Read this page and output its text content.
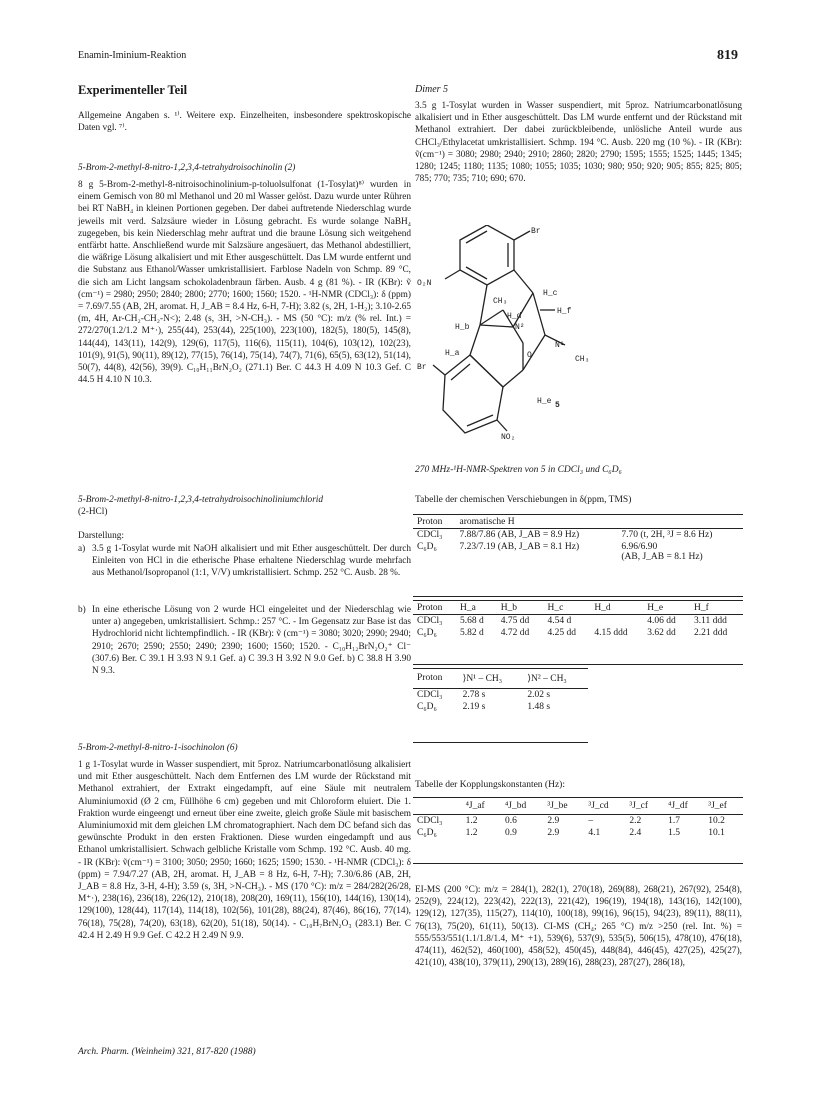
Enamin-Iminium-Reaktion	819
Experimenteller Teil
Allgemeine Angaben s. ¹⁾. Weitere exp. Einzelheiten, insbesondere spektroskopische Daten vgl. ⁷⁾.
5-Brom-2-methyl-8-nitro-1,2,3,4-tetrahydroisochinolin (2)
8 g 5-Brom-2-methyl-8-nitroisochinolinium-p-toluolsulfonat (1-Tosylat)⁸⁾ wurden in einem Gemisch von 80 ml Methanol und 20 ml Wasser gelöst. Dazu wurde unter Rühren bei RT NaBH₄ in kleinen Portionen gegeben. Der dabei auftretende Niederschlag wurde jeweils mit verd. Salzsäure wieder in Lösung gebracht. Es wurde solange NaBH₄ zugegeben, bis kein Niederschlag mehr auftrat und die braune Lösung sich weitgehend entfärbt hatte. Anschließend wurde mit Salzsäure angesäuert, das Methanol abdestilliert, die wäßrige Lösung alkalisiert und mit Ether ausgeschüttelt. Das LM wurde entfernt und die Substanz aus Ethanol/Wasser umkristallisiert. Farblose Nadeln von Schmp. 89 °C, die sich am Licht langsam schokoladenbraun färben. Ausb. 4 g (81 %). - IR (KBr): ṽ (cm⁻¹) = 2980; 2950; 2840; 2800; 2770; 1600; 1560; 1520. - ¹H-NMR (CDCl₃): δ (ppm) = 7.69/7.55 (AB, 2H, aromat. H, J_AB = 8.4 Hz, 6-H, 7-H); 3.82 (s, 2H, 1-H₂); 3.10-2.65 (m, 4H, Ar-CH₂-CH₂-N<); 2.48 (s, 3H, >N-CH₃). - MS (50 °C): m/z (% rel. Int.) = 272/270(1.2/1.2 M⁺·), 255(44), 253(44), 225(100), 223(100), 182(5), 180(5), 145(8), 144(44), 143(11), 142(9), 129(6), 117(5), 116(6), 115(11), 104(6), 103(12), 102(23), 101(9), 91(5), 90(11), 89(12), 77(15), 76(14), 75(14), 74(7), 71(6), 65(5), 63(12), 51(14), 50(7), 44(8), 42(56), 39(9). C₁₀H₁₁BrN₂O₂ (271.1) Ber. C 44.3 H 4.09 N 10.3 Gef. C 44.5 H 4.10 N 10.3.
5-Brom-2-methyl-8-nitro-1,2,3,4-tetrahydroisochinoliniumchlorid
(2-HCl)
Darstellung:
a) 3.5 g 1-Tosylat wurde mit NaOH alkalisiert und mit Ether ausgeschüttelt. Der durch Einleiten von HCl in die etherische Phase erhaltene Niederschlag wurde mehrfach aus Methanol/Isopropanol (1:1, V/V) umkristallisiert. Schmp. 252 °C. Ausb. 28 %.
b) In eine etherische Lösung von 2 wurde HCl eingeleitet und der Niederschlag wie unter a) angegeben, umkristallisiert. Schmp.: 257 °C. - Im Gegensatz zur Base ist das Hydrochlorid nicht lichtempfindlich. - IR (KBr): ṽ (cm⁻¹) = 3080; 3020; 2990; 2940; 2910; 2670; 2590; 2550; 2490; 2390; 1600; 1560; 1520. - C₁₀H₁₂BrN₂O₂⁺ Cl⁻ (307.6) Ber. C 39.1 H 3.93 N 9.1 Gef. a) C 39.3 H 3.92 N 9.0 Gef. b) C 38.8 H 3.90 N 9.3.
5-Brom-2-methyl-8-nitro-1-isochinolon (6)
1 g 1-Tosylat wurde in Wasser suspendiert, mit 5proz. Natriumcarbonatlösung alkalisiert und mit Ether ausgeschüttelt. Nach dem Entfernen des LM wurde der Rückstand mit Methanol extrahiert, der Extrakt eingedampft, auf eine Säule mit neutralem Aluminiumoxid (Ø 2 cm, Füllhöhe 6 cm) gegeben und mit Chloroform eluiert. Die 1. Fraktion wurde eingeengt und erneut über eine zweite, gleich große Säule mit basischem Aluminiumoxid mit dem gleichen LM chromatographiert. Nach dem DC befand sich das gewünschte Produkt in den ersten Fraktionen. Diese wurden eingedampft und aus Ethanol umkristallisiert. Schwach gelbliche Kristalle vom Schmp. 192 °C. Ausb. 40 mg. - IR (KBr): ṽ(cm⁻¹) = 3100; 3050; 2950; 1660; 1625; 1590; 1530. - ¹H-NMR (CDCl₃): δ (ppm) = 7.94/7.27 (AB, 2H, aromat. H, J_AB = 8 Hz, 6-H, 7-H); 7.30/6.86 (AB, 2H, J_AB = 8.8 Hz, 3-H, 4-H); 3.59 (s, 3H, >N-CH₃). - MS (170 °C): m/z = 284/282(26/28, M⁺·), 238(16), 236(18), 226(12), 210(18), 208(20), 169(11), 156(10), 144(16), 130(14), 129(100), 128(44), 117(14), 114(18), 102(56), 101(28), 88(24), 87(46), 86(16), 77(14), 76(18), 75(28), 74(20), 63(18), 62(20), 51(18), 50(14). - C₁₀H₇BrN₂O₃ (283.1) Ber. C 42.4 H 2.49 H 9.9 Gef. C 42.2 H 2.49 N 9.9.
Dimer 5
3.5 g 1-Tosylat wurden in Wasser suspendiert, mit 5proz. Natriumcarbonatlösung alkalisiert und in Ether ausgeschüttelt. Das LM wurde entfernt und der Rückstand mit Methanol extrahiert. Der dabei zurückbleibende, unlösliche Anteil wurde aus CHCl₃/Ethylacetat umkristallisiert. Schmp. 194 °C. Ausb. 220 mg (10 %). - IR (KBr): ṽ(cm⁻¹) = 3080; 2980; 2940; 2910; 2860; 2820; 2790; 1595; 1555; 1525; 1445; 1345; 1280; 1245; 1180; 1135; 1080; 1055; 1035; 1030; 980; 950; 920; 905; 855; 825; 805; 785; 770; 735; 710; 690; 670.
Br
O₂N
CH₃
H_d
N²
H_c
H_f
H_b
H_a	O
N¹
CH₃
Br
H_e 5
NO₂
270 MHz-¹H-NMR-Spektren von 5 in CDCl₃ und C₆D₆
Tabelle der chemischen Verschiebungen in δ(ppm, TMS)
Proton	aromatische H	

CDCl₃	7.88/7.86 (AB, J_AB = 8.9 Hz)	7.70 (t, 2H, ³J = 8.6 Hz)
C₆D₆	7.23/7.19 (AB, J_AB = 8.1 Hz)	6.96/6.90
(AB, J_AB = 8.1 Hz)
Proton	H_a	H_b	H_c	H_d	H_e	H_f

CDCl₃	5.68 d	4.75 dd	4.54 d		4.06 dd	3.11 ddd
C₆D₆	5.82 d	4.72 dd	4.25 dd	4.15 ddd	3.62 dd	2.21 ddd
Proton	⟩N¹ – CH₃	⟩N² – CH₃

CDCl₃	2.78 s	2.02 s
C₆D₆	2.19 s	1.48 s
Tabelle der Kopplungskonstanten (Hz):
	⁴J_af	⁴J_bd	³J_be	³J_cd	³J_cf	⁴J_df	³J_ef

CDCl₃	1.2	0.6	2.9	–	2.2	1.7	10.2
C₆D₆	1.2	0.9	2.9	4.1	2.4	1.5	10.1
EI-MS (200 °C): m/z = 284(1), 282(1), 270(18), 269(88), 268(21), 267(92), 254(8), 252(9), 224(12), 223(42), 222(13), 221(42), 196(19), 194(18), 143(16), 142(100), 129(12), 127(35), 115(27), 114(10), 100(18), 99(16), 96(15), 94(23), 89(11), 88(11), 76(13), 75(20), 61(11), 50(13). CI-MS (CH₄; 265 °C) m/z >250 (rel. Int. %) = 555/553/551(1.1/1.8/1.4, M⁺ +1), 539(6), 537(9), 535(5), 506(15), 478(10), 476(18), 474(11), 462(52), 460(100), 458(52), 450(45), 448(84), 446(45), 427(25), 425(27), 421(10), 438(10), 379(11), 290(13), 289(16), 288(23), 287(27), 286(18),
Arch. Pharm. (Weinheim) 321, 817-820 (1988)
